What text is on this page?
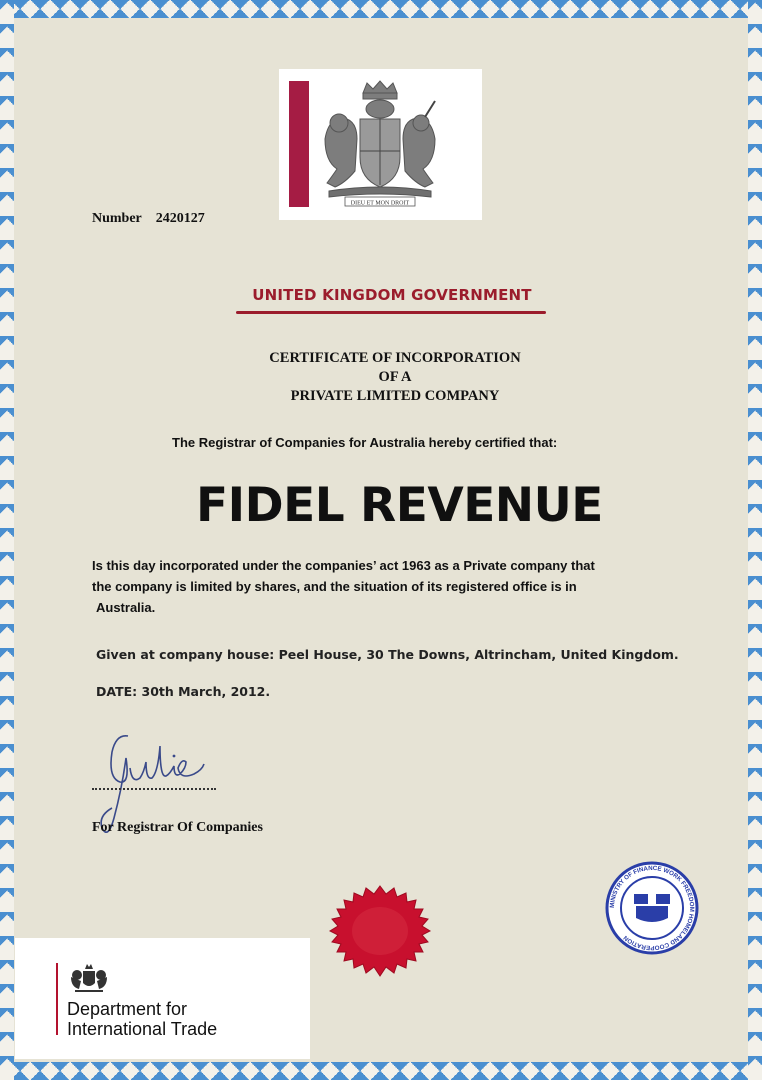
DIEU ET MON DROIT
Number 2420127
UNITED KINGDOM GOVERNMENT
CERTIFICATE OF INCORPORATION
OF A
PRIVATE LIMITED COMPANY
The Registrar of Companies for Australia hereby certified that:
FIDEL REVENUE
Is this day incorporated under the companies’ act 1963 as a Private company that
the company is limited by shares, and the situation of its registered office is in
Australia.
Given at company house: Peel House, 30 The Downs, Altrincham, United Kingdom.
DATE: 30th March, 2012.
For Registrar Of Companies
MINISTRY OF FINANCE WORK FREEDOM HOMELAND COOPERATION
Department for
International Trade
